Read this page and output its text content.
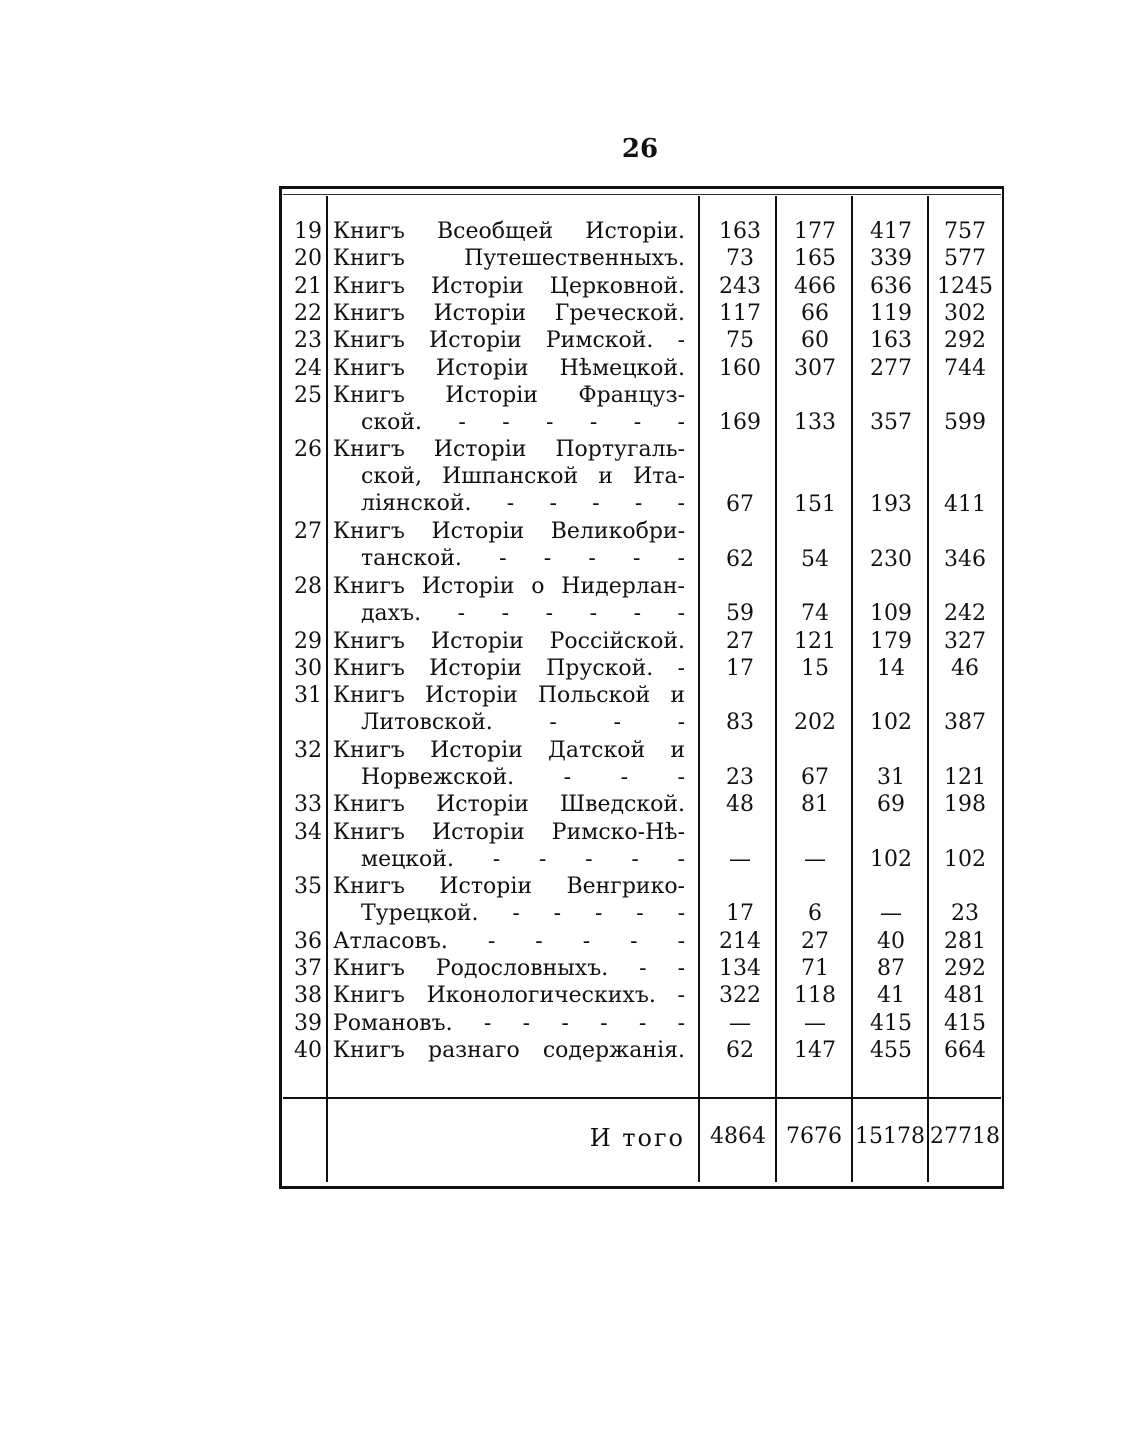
26
19 Книгъ Всеобщей Исторіи.	163	177	417	757
20 Книгъ Путешественныхъ.	73	165	339	577
21 Книгъ Исторіи Церковной.	243	466	636	1245
22 Книгъ Исторіи Греческой.	117	66	119	302
23 Книгъ Исторіи Римской. -	75	60	163	292
24 Книгъ Исторіи Нѣмецкой.	160	307	277	744
25 Книгъ Исторіи Француз-
ской. - - - - - -	169	133	357	599
26 Книгъ Исторіи Португаль-
ской, Ишпанской и Ита-
ліянской. - - - - -	67	151	193	411
27 Книгъ Исторіи Великобри-
танской. - - - - -	62	54	230	346
28 Книгъ Исторіи о Нидерлан-
дахъ. - - - - - -	59	74	109	242
29 Книгъ Исторіи Россійской.	27	121	179	327
30 Книгъ Исторіи Пруской. -	17	15	14	46
31 Книгъ Исторіи Польской и
Литовской. - - -	83	202	102	387
32 Книгъ Исторіи Датской и
Норвежской. - - -	23	67	31	121
33 Книгъ Исторіи Шведской.	48	81	69	198
34 Книгъ Исторіи Римско-Нѣ-
мецкой. - - - - -	—	—	102	102
35 Книгъ Исторіи Венгрико-
Турецкой. - - - - -	17	6	—	23
36 Атласовъ. - - - - -	214	27	40	281
37 Книгъ Родословныхъ. - -	134	71	87	292
38 Книгъ Иконологическихъ. -	322	118	41	481
39 Романовъ. - - - - - -	—	—	415	415
40 Книгъ разнаго содержанія.	62	147	455	664
И того	4864 7676 15178 27718
